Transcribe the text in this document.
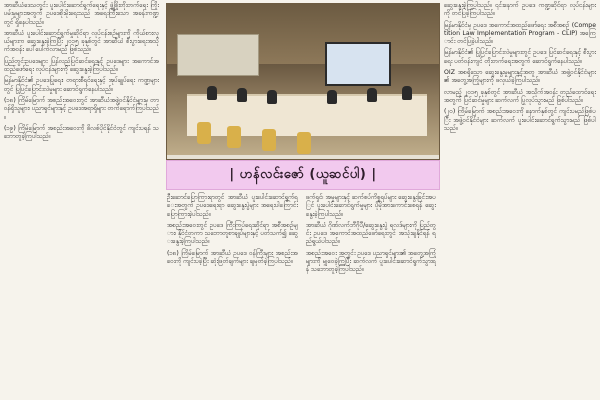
အာဆီယံဒေသတွင်း ပူးပေါင်းဆောင်ရွက်ရေးနှင့် ဖွံ့ဖြိုးတိုးတက်ရေး ကြိုးပမ်းမှုများအတွက် ဥပဒေစိုးမိုးရေးသည် အရေးကြီးသော အခန်းကဏ္ဍတွင် ရှိနေပါသည်။

အာဆီယံ ပူးပေါင်းဆောင်ရွက်မှုဆိုင်ရာ လုပ်ငန်းစဉ်များကို ကိုယ်စားလှယ်များက ဆွေးနွေးခဲ့ကြပြီး ၂၀၁၅ ခုနှစ်တွင် အာဆီယံ စီးပွားရေးအသိုက်အဝန်း ပေါ်ပေါက်လာမည် ဖြစ်သည်။

ပြည်တွင်းဥပဒေများ ပြန်လည်ပြင်ဆင်ရေးနှင့် ဥပဒေများ အကောင်အထည်ဖော်ရေး လုပ်ငန်းများကို ဆွေးနွေးခဲ့ကြပါသည်။

မြန်မာနိုင်ငံ၏ ဥပဒေပြုရေး၊ တရားစီရင်ရေးနှင့် အုပ်ချုပ်ရေး ကဏ္ဍများတွင် ပြုပြင်ပြောင်းလဲမှုများ ဆောင်ရွက်နေပါသည်။

(၁၈) ကြိမ်မြောက် အစည်းအဝေးတွင် အာဆီယံအဖွဲ့ဝင်နိုင်ငံများမှ တာဝန်ရှိသူများ၊ ပညာရှင်များနှင့် ဥပဒေအရာရှိများ တက်ရောက်ကြပါသည်။

(၁၉) ကြိမ်မြောက် အစည်းအဝေးကို ဖိလစ်ပိုင်နိုင်ငံတွင် ကျင်းပရန် သဘောတူခဲ့ကြပါသည်။

| ဟန်လင်းဇော် (ယူဆင်ပါ) |

ဦးဆောင်ပြောကြားရာတွင် အာဆီယံ ပူးပေါင်းဆောင်ရွက်ရေးအတွက် ဥပဒေရေးရာ ဆွေးနွေးပွဲများ အရေးပါကြောင်း ပြောကြားခဲ့ပါသည်။

အစည်းအဝေးတွင် ဥပဒေ ကြီးကြပ်ရေးဆိုင်ရာ အစီအစဉ်များ၊ နိုင်ငံတကာ သဘောတူစာချုပ်များနှင့် ပတ်သက်၍ ဆွေးနွေးခဲ့ကြပါသည်။

(၁၈) ကြိမ်မြောက် အာဆီယံ ဥပဒေ ဝန်ကြီးများ အစည်းအဝေးကို ကျင်းပခဲ့ပြီး ဆုံးဖြတ်ချက်များ ချမှတ်ခဲ့ကြပါသည်။

ဖက်ရှင်၊ အမှုများနှင့် ဆက်စပ်ကိစ္စရပ်များ ဆွေးနွေးခြင်းအပြင် ပူးပေါင်းဆောင်ရွက်မှုများ ပိုမိုအားကောင်းစေရန် ဆွေးနွေးခဲ့ကြပါသည်။

အာဆီယံ ဂိုဏ်လက်ဘီဂိုပီ/ဆွေးနွေးပွဲ ရလဒ်များကို ပြည်တွင်း ဥပဒေ အကောင်အထည်ဖော်ရေးတွင် အသုံးချနိုင်ရန် ရည်ရွယ်ပါသည်။

အစည်းအဝေး အတွင်း ဥပဒေ ပညာရှင်များ၏ အတွေ့အကြုံများကို မျှဝေခဲ့ကြပြီး ဆက်လက် ပူးပေါင်းဆောင်ရွက်သွားရန် သဘောတူခဲ့ကြပါသည်။

ဆွေးနွေးခဲ့ကြပါသည်။ ၎င်းနောက် ဥပဒေ ကဏ္ဍဆိုင်ရာ လုပ်ငန်းများကို တင်ပြခဲ့ကြပါသည်။

မြန်မာနိုင်ငံမှ ဥပဒေ အကောင်အထည်ဖော်ရေး အစီအစဉ် (Competition Law Implementation Program - CLIP) အကြောင်း တင်ပြခဲ့ပါသည်။

မြန်မာနိုင်ငံ၏ ပြုပြင်ပြောင်းလဲမှုများတွင် ဥပဒေ ပြင်ဆင်ရေးနှင့် စီးပွားရေး ပတ်ဝန်းကျင် တိုးတက်ရေးအတွက် ဆောင်ရွက်နေပါသည်။

OIZ အစရှိသော ဆွေးနွေးမှုများနှင့်အတူ အာဆီယံ အဖွဲ့ဝင်နိုင်ငံများ၏ အတွေ့အကြုံများကို ဖလှယ်ခဲ့ကြပါသည်။

လာမည့် ၂၀၁၅ ခုနှစ်တွင် အာဆီယံ အသိုက်အဝန်း တည်ထောင်ရေးအတွက် ပြင်ဆင်မှုများ ဆက်လက် ပြုလုပ်သွားမည် ဖြစ်ပါသည်။

(၂၀) ကြိမ်မြောက် အစည်းအဝေးကို နောက်နှစ်တွင် ကျင်းပမည်ဖြစ်ပြီး အဖွဲ့ဝင်နိုင်ငံများ ဆက်လက် ပူးပေါင်းဆောင်ရွက်သွားမည် ဖြစ်ပါသည်။
